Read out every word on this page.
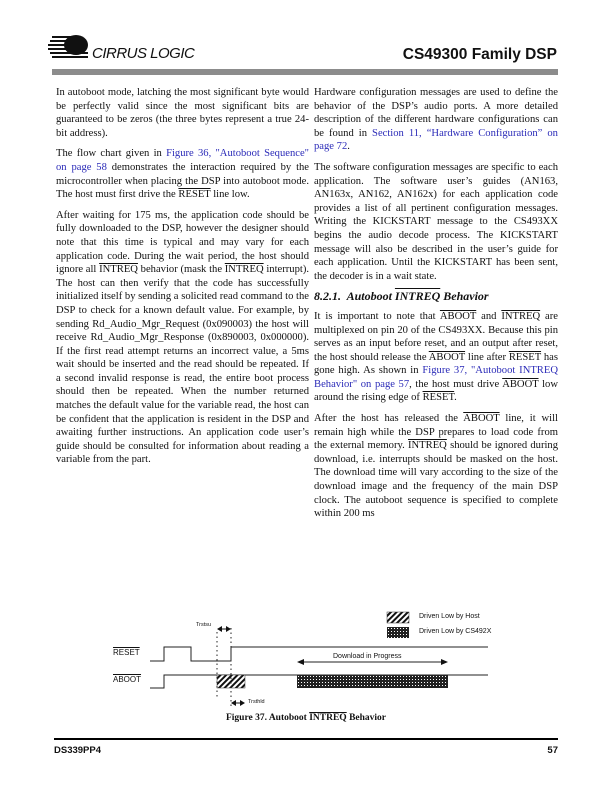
CIRRUS LOGIC	CS49300 Family DSP

In autoboot mode, latching the most significant byte would be perfectly valid since the most significant bits are guaranteed to be zeros (the three bytes represent a true 24-bit address).

The flow chart given in Figure 36, "Autoboot Sequence" on page 58 demonstrates the interaction required by the microcontroller when placing the DSP into autoboot mode. The host must first drive the RESET line low.

After waiting for 175 ms, the application code should be fully downloaded to the DSP, however the designer should note that this time is typical and may vary for each application code. During the wait period, the host should ignore all INTREQ behavior (mask the INTREQ interrupt). The host can then verify that the code has successfully initialized itself by sending a solicited read command to the DSP to check for a known default value. For example, by sending Rd_Audio_Mgr_Request (0x090003) the host will receive Rd_Audio_Mgr_Response (0x890003, 0x000000). If the first read attempt returns an incorrect value, a 5ms wait should be inserted and the read should be repeated. If a second invalid response is read, the entire boot process should then be repeated. When the number returned matches the default value for the variable read, the host can be confident that the application is resident in the DSP and awaiting further instructions. An application code user’s guide should be consulted for information about reading a variable from the part.

Hardware configuration messages are used to define the behavior of the DSP’s audio ports. A more detailed description of the different hardware configurations can be found in Section 11, “Hardware Configuration” on page 72.

The software configuration messages are specific to each application. The software user’s guides (AN163, AN163x, AN162, AN162x) for each application code provides a list of all pertinent configuration messages. Writing the KICKSTART message to the CS493XX begins the audio decode process. The KICKSTART message will also be described in the user’s guide for each application. Until the KICKSTART has been sent, the decoder is in a wait state.

8.2.1. Autoboot INTREQ Behavior

It is important to note that ABOOT and INTREQ are multiplexed on pin 20 of the CS493XX. Because this pin serves as an input before reset, and an output after reset, the host should release the ABOOT line after RESET has gone high. As shown in Figure 37, "Autoboot INTREQ Behavior" on page 57, the host must drive ABOOT low around the rising edge of RESET.

After the host has released the ABOOT line, it will remain high while the DSP prepares to load code from the external memory. INTREQ should be ignored during download, i.e. interrupts should be masked on the host. The download time will vary according to the size of the download image and the frequency of the main DSP clock. The autoboot sequence is specified to complete within 200 ms

Driven Low by Host
Driven Low by CS492X
RESET
ABOOT
Trstsu
Trsthld
Download in Progress
Figure 37. Autoboot INTREQ Behavior
DS339PP4	57
